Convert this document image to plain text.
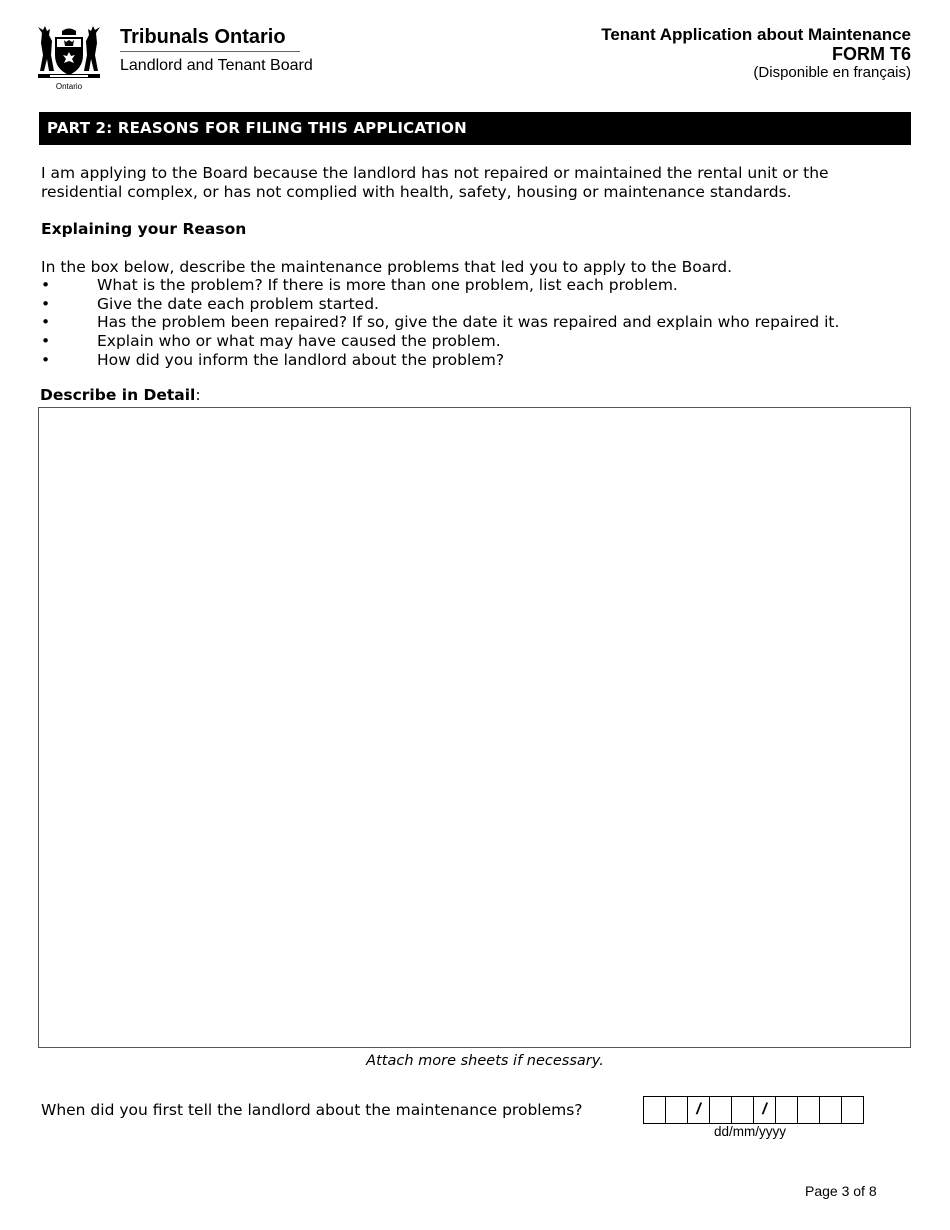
Ontario
Tribunals Ontario
Landlord and Tenant Board
Tenant Application about Maintenance
FORM T6
(Disponible en français)
PART 2: REASONS FOR FILING THIS APPLICATION
I am applying to the Board because the landlord has not repaired or maintained the rental unit or the residential complex, or has not complied with health, safety, housing or maintenance standards.
Explaining your Reason
In the box below, describe the maintenance problems that led you to apply to the Board.
•	What is the problem? If there is more than one problem, list each problem.
•	Give the date each problem started.
•	Has the problem been repaired? If so, give the date it was repaired and explain who repaired it.
•	Explain who or what may have caused the problem.
•	How did you inform the landlord about the problem?
Describe in Detail:
Attach more sheets if necessary.
When did you first tell the landlord about the maintenance problems?	/	/
dd/mm/yyyy
Page 3 of 8
